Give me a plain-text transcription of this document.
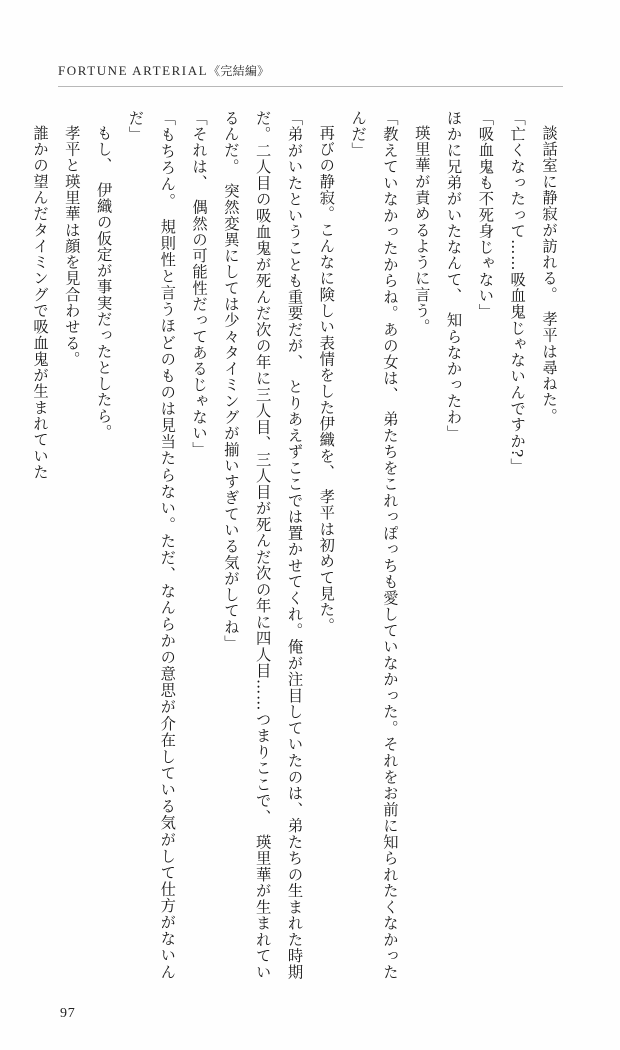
FORTUNE ARTERIAL《完結編》

談話室に静寂が訪れる。　孝平は尋ねた。

「亡くなったって……吸血鬼じゃないんですか?」

「吸血鬼も不死身じゃない」

ほかに兄弟がいたなんて、　知らなかったわ」

瑛里華が責めるように言う。

「教えていなかったからね。あの女は、　弟たちをこれっぽっちも愛していなかった。それをお前に知られたくなかったんだ」

再びの静寂。こんなに険しい表情をした伊織を、　孝平は初めて見た。

「弟がいたということも重要だが、　とりあえずここでは置かせてくれ。俺が注目していたのは、弟たちの生まれた時期だ。二人目の吸血鬼が死んだ次の年に三人目、三人目が死んだ次の年に四人目……つまりここで、　瑛里華が生まれているんだ。　突然変異にしては少々タイミングが揃いすぎている気がしてね」

「それは、　偶然の可能性だってあるじゃない」

「もちろん。　規則性と言うほどのものは見当たらない。ただ、なんらかの意思が介在している気がして仕方がないんだ」

もし、　伊織の仮定が事実だったとしたら。

孝平と瑛里華は顔を見合わせる。

誰かの望んだタイミングで吸血鬼が生まれていた

97
